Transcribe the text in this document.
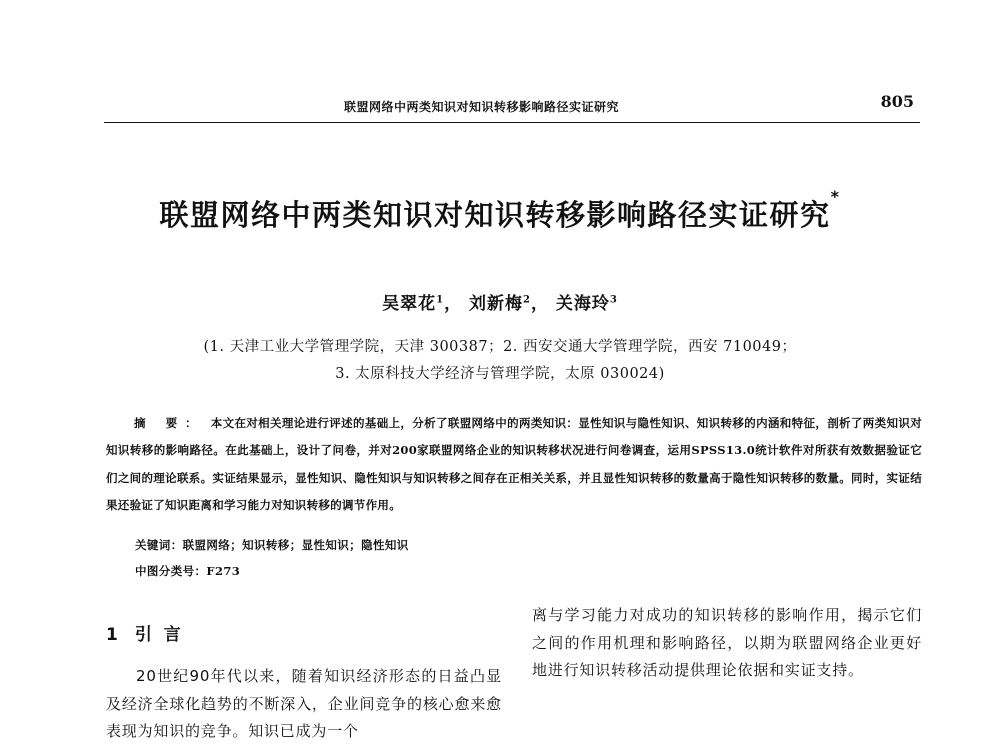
联盟网络中两类知识对知识转移影响路径实证研究	805
联盟网络中两类知识对知识转移影响路径实证研究*
吴翠花$^1$， 刘新梅$^2$， 关海玲$^3$
(1. 天津工业大学管理学院，天津 300387；2. 西安交通大学管理学院，西安 710049；
3. 太原科技大学经济与管理学院，太原 030024)
摘 要： 本文在对相关理论进行评述的基础上，分析了联盟网络中的两类知识：显性知识与隐性知识、知识转移的内涵和特征，剖析了两类知识对知识转移的影响路径。在此基础上，设计了问卷，并对200家联盟网络企业的知识转移状况进行问卷调查，运用SPSS13.0统计软件对所获有效数据验证它们之间的理论联系。实证结果显示，显性知识、隐性知识与知识转移之间存在正相关关系，并且显性知识转移的数量高于隐性知识转移的数量。同时，实证结果还验证了知识距离和学习能力对知识转移的调节作用。
关键词：联盟网络；知识转移；显性知识；隐性知识
中图分类号：F273
1 引 言

20世纪90年代以来，随着知识经济形态的日益凸显及经济全球化趋势的不断深入，企业间竞争的核心愈来愈表现为知识的竞争。知识已成为一个

离与学习能力对成功的知识转移的影响作用，揭示它们之间的作用机理和影响路径，以期为联盟网络企业更好地进行知识转移活动提供理论依据和实证支持。
